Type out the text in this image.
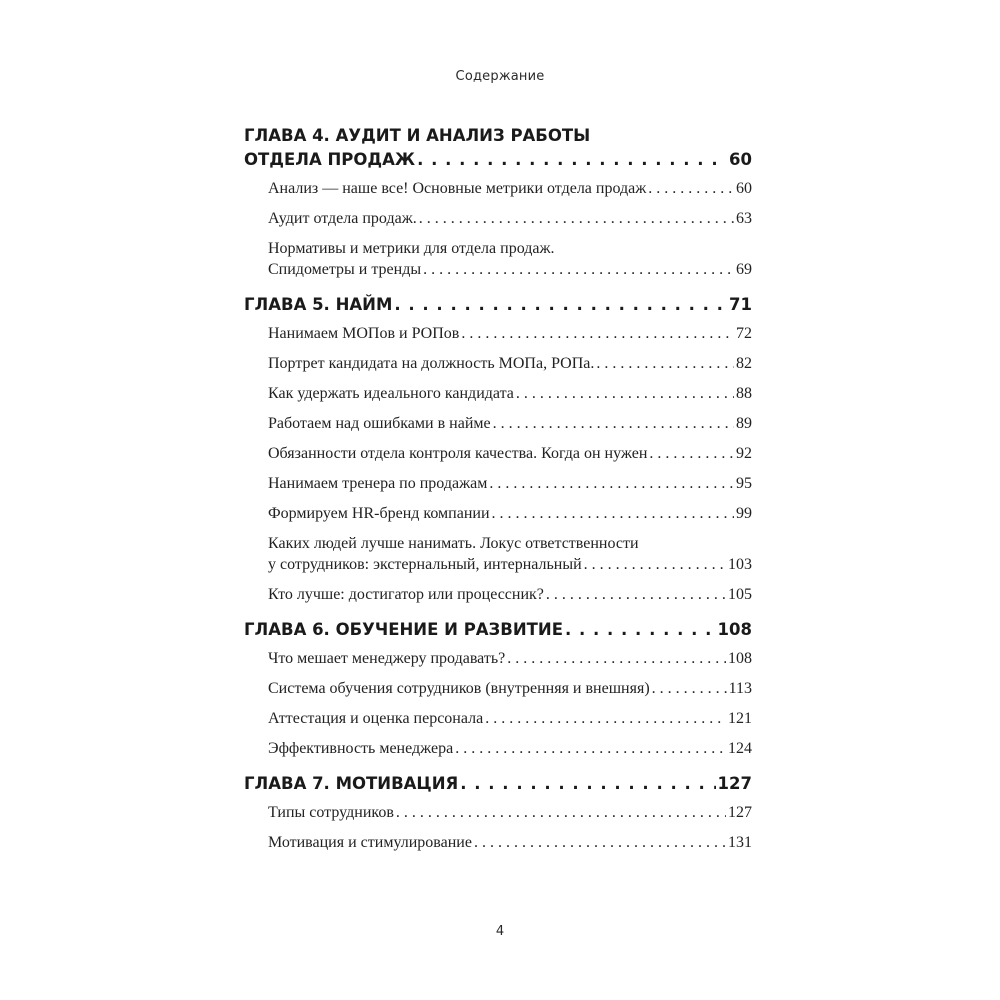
Содержание
ГЛАВА 4. АУДИТ И АНАЛИЗ РАБОТЫ
ОТДЕЛА ПРОДАЖ . . .	60
Анализ — наше все! Основные метрики отдела продаж . . .	60
Аудит отдела продаж. . . .	63
Нормативы и метрики для отдела продаж.
Спидометры и тренды . . .	69
ГЛАВА 5. НАЙМ . . .	71
Нанимаем МОПов и РОПов . . .	72
Портрет кандидата на должность МОПа, РОПа. . . .	82
Как удержать идеального кандидата . . .	88
Работаем над ошибками в найме . . .	89
Обязанности отдела контроля качества. Когда он нужен . . .	92
Нанимаем тренера по продажам . . .	95
Формируем HR-бренд компании . . .	99
Каких людей лучше нанимать. Локус ответственности
у сотрудников: экстернальный, интернальный . . .	103
Кто лучше: достигатор или процессник? . . .	105
ГЛАВА 6. ОБУЧЕНИЕ И РАЗВИТИЕ . . .	108
Что мешает менеджеру продавать? . . .	108
Система обучения сотрудников (внутренняя и внешняя) . . .	113
Аттестация и оценка персонала . . .	121
Эффективность менеджера . . .	124
ГЛАВА 7. МОТИВАЦИЯ . . .	127
Типы сотрудников . . .	127
Мотивация и стимулирование . . .	131
4
